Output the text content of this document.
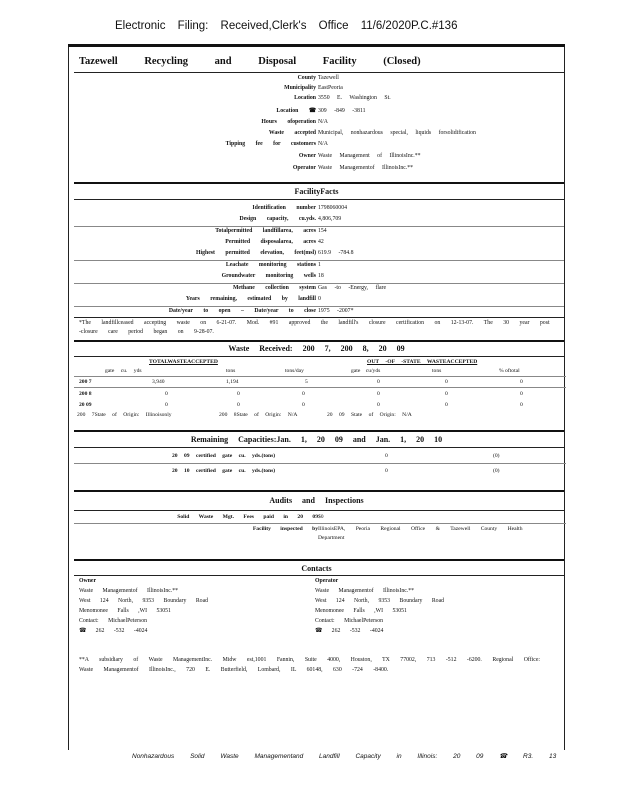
Electronic Filing: Received,Clerk's Office 11/6/2020P.C.#136
Tazewell Recycling and Disposal Facility (Closed)
County Tazewell
Municipality EastPeoria
Location 3550 E. Washington St.
Location ☎ 309 -849 -3811
Hours ofoperation N/A
Waste accepted Municipal, nonhazardous special, liquids forsolidification
Tipping fee for customers N/A
Owner Waste Management of IllinoisInc.**
Operator Waste Managementof IllinoisInc.**
FacilityFacts
Identification number 1798060004
Design capacity, cu.yds. 4,806,709
Totalpermitted landfillarea, acres 154
Permitted disposalarea, acres 42
Highest permitted elevation, feet(msl) 619.9 -784.8
Leachate monitoring stations 1
Groundwater monitoring wells 18
Methane collection system Gas -to -Energy, flare
Years remaining, estimated by landfill 0
Date/year to open – Date/year to close 1975 -2007*
*The landfillceased accepting waste on 6-21-07. Mod. #91 approved the landfill's closure certification on 12-13-07. The 30 year post -closure care period began on 9-28-07.
Waste Received: 200 7, 200 8, 20 09
TOTALWASTEACCEPTED	OUT -OF -STATE WASTEACCEPTED
gate cu. yds	tons	tons/day	gate cu/yds	tons	% oftotal
200 7	3,940	1,194	5	0	0	0
200 8	0	0	0	0	0	0
20 09	0	0	0	0	0	0
200 7State of Origin: Illinoisonly	200 8State of Origin: N/A	20 09 State of Origin: N/A
Remaining Capacities:Jan. 1, 20 09 and Jan. 1, 20 10
20 09 certified gate cu. yds.(tons)	0	(0)
20 10 certified gate cu. yds.(tons)	0	(0)
Audits and Inspections
Solid Waste Mgt. Fees paid in 20 09 $0
Facility inspected by IllinoisEPA, Peoria Regional Office & Tazewell County Health
Department
Contacts
Owner
Waste Managementof IllinoisInc.**
West 124 North, 9353 Boundary Road
Menomonee Falls ,WI 53051
Contact: MichaelPeterson
☎ 262 -532 -4024
Operator
Waste Managementof IllinoisInc.**
West 124 North, 9353 Boundary Road
Menomonee Falls ,WI 53051
Contact: MichaelPeterson
☎ 262 -532 -4024
**A subsidiary of Waste ManagementInc. Midw est,1001 Fannin, Suite 4000, Houston, TX 77002, 713 -512 -6200. Regional Office: Waste Managementof IllinoisInc., 720 E. Butterfield, Lombard, IL 60148, 630 -724 -8400.
Nonhazardous Solid Waste Managementand Landfill Capacity in Illinois: 20 09 ☎ R3. 13
